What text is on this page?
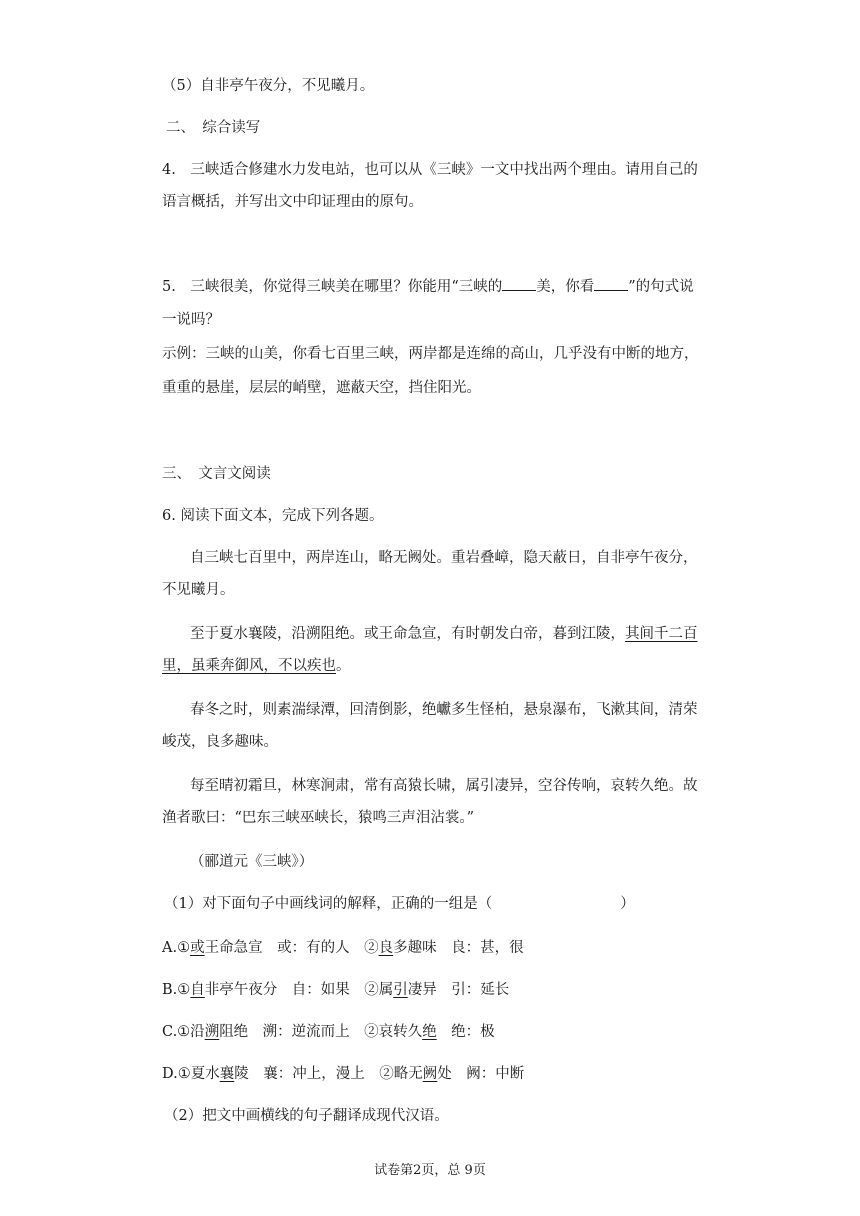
（5）自非亭午夜分，不见曦月。
二、　综合读写
4.　三峡适合修建水力发电站，也可以从《三峡》一文中找出两个理由。请用自己的
语言概括，并写出文中印证理由的原句。
5.　三峡很美，你觉得三峡美在哪里？你能用“三峡的 美，你看 ”的句式说
一说吗？
示例：三峡的山美，你看七百里三峡，两岸都是连绵的高山，几乎没有中断的地方，
重重的悬崖，层层的峭壁，遮蔽天空，挡住阳光。
三、　文言文阅读
6. 阅读下面文本，完成下列各题。
自三峡七百里中，两岸连山，略无阙处。重岩叠嶂，隐天蔽日，自非亭午夜分，
不见曦月。
至于夏水襄陵，沿溯阻绝。或王命急宣，有时朝发白帝，暮到江陵，其间千二百
里，虽乘奔御风，不以疾也。
春冬之时，则素湍绿潭，回清倒影，绝巘多生怪柏，悬泉瀑布，飞漱其间，清荣
峻茂，良多趣味。
每至晴初霜旦，林寒涧肃，常有高猿长啸，属引凄异，空谷传响，哀转久绝。故
渔者歌曰：“巴东三峡巫峡长，猿鸣三声泪沾裳。”
（郦道元《三峡》）
（1）对下面句子中画线词的解释，正确的一组是（	）
A.①或王命急宣　或：有的人　②良多趣味　良：甚，很
B.①自非亭午夜分　自：如果　②属引凄异　引：延长
C.①沿溯阻绝　溯：逆流而上　②哀转久绝　绝：极
D.①夏水襄陵　襄：冲上，漫上　②略无阙处　阙：中断
（2）把文中画横线的句子翻译成现代汉语。
试卷第2页，总 9页
